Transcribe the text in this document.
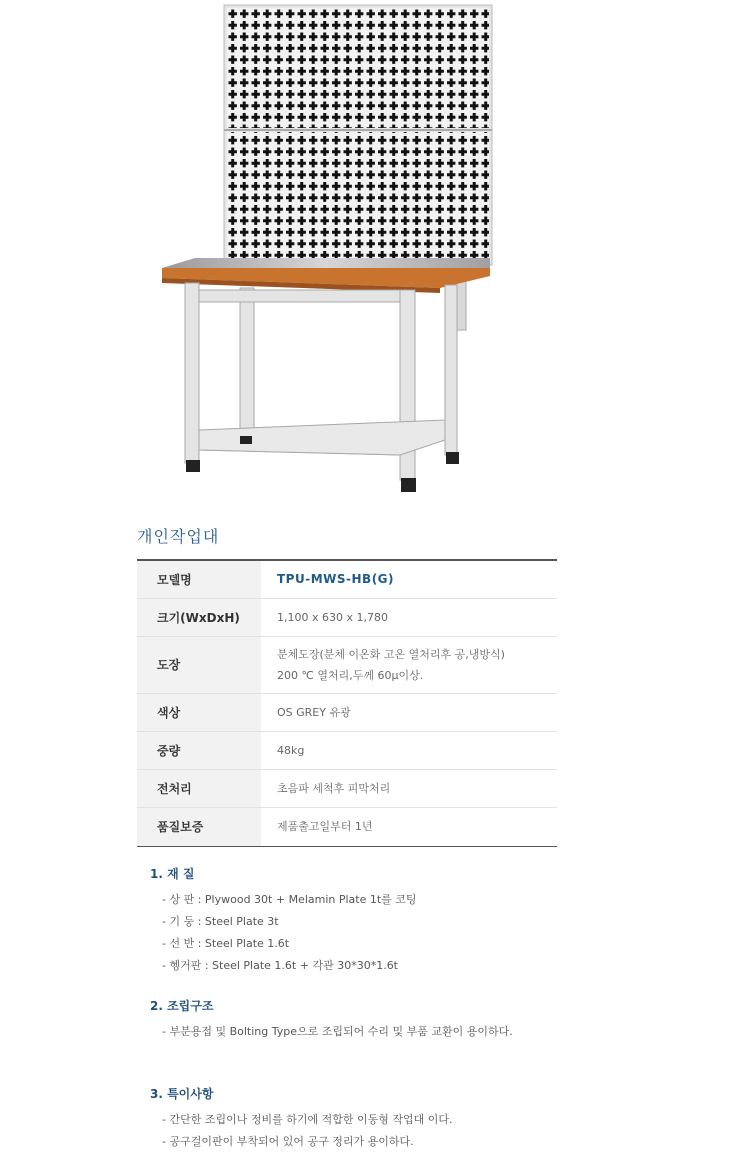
개인작업대
모델명	TPU-MWS-HB(G)
크기(WxDxH)	1,100 x 630 x 1,780
도장	분체도장(분체 이온화 고온 열처리후 공,냉방식)
200 ℃ 열처리,두께 60μ이상.

색상	OS GREY 유광
중량	48kg
전처리	초음파 세척후 피막처리
품질보증	제품출고일부터 1년
1. 재 질
- 상 판 : Plywood 30t + Melamin Plate 1t를 코팅
- 기 둥 : Steel Plate 3t
- 선 반 : Steel Plate 1.6t
- 헹거판 : Steel Plate 1.6t + 각관 30*30*1.6t
2. 조립구조
- 부분용접 및 Bolting Type으로 조립되어 수리 및 부품 교환이 용이하다.
3. 특이사항
- 간단한 조립이나 정비를 하기에 적합한 이동형 작업대 이다.
- 공구걸이판이 부착되어 있어 공구 정리가 용이하다.
